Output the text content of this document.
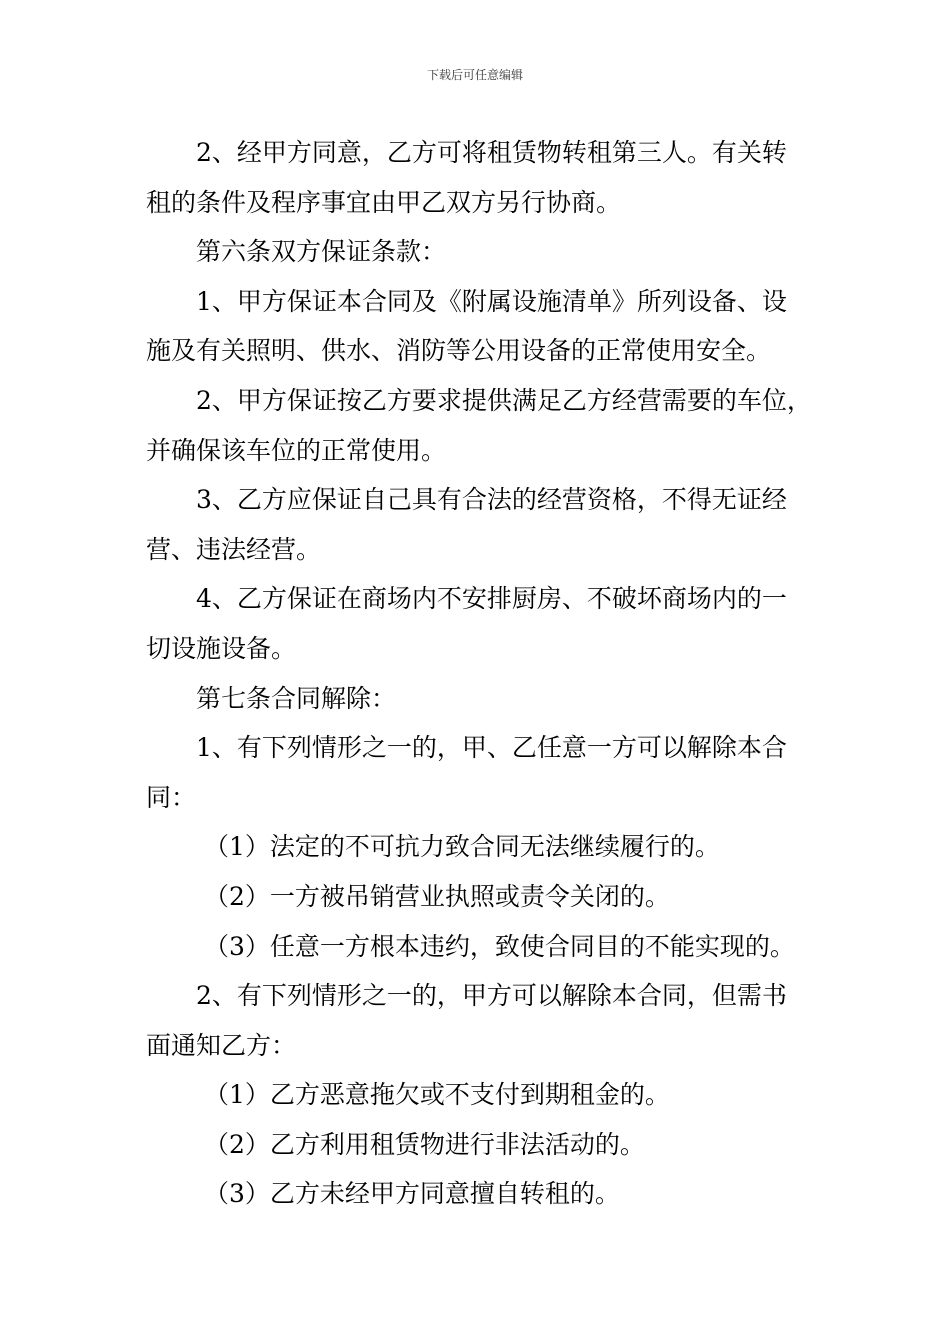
下载后可任意编辑
2、经甲方同意，乙方可将租赁物转租第三人。有关转
租的条件及程序事宜由甲乙双方另行协商。
第六条双方保证条款：
1、甲方保证本合同及《附属设施清单》所列设备、设
施及有关照明、供水、消防等公用设备的正常使用安全。
2、甲方保证按乙方要求提供满足乙方经营需要的车位，
并确保该车位的正常使用。
3、乙方应保证自己具有合法的经营资格，不得无证经
营、违法经营。
4、乙方保证在商场内不安排厨房、不破坏商场内的一
切设施设备。
第七条合同解除：
1、有下列情形之一的，甲、乙任意一方可以解除本合
同：
（1）法定的不可抗力致合同无法继续履行的。
（2）一方被吊销营业执照或责令关闭的。
（3）任意一方根本违约，致使合同目的不能实现的。
2、有下列情形之一的，甲方可以解除本合同，但需书
面通知乙方：
（1）乙方恶意拖欠或不支付到期租金的。
（2）乙方利用租赁物进行非法活动的。
（3）乙方未经甲方同意擅自转租的。
